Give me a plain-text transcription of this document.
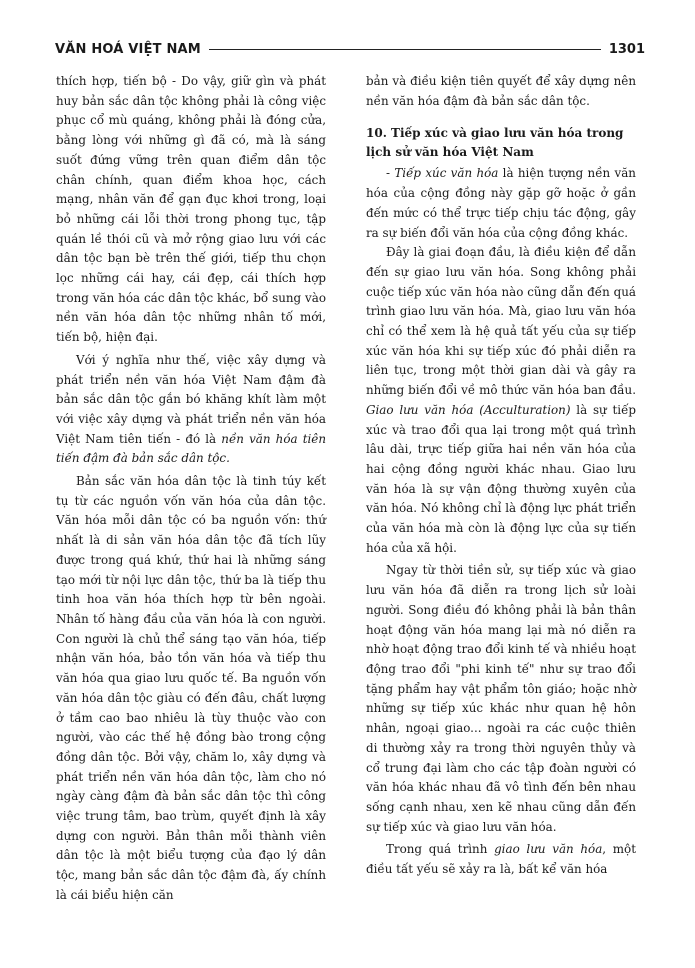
VĂN HOÁ VIỆT NAM	1301

thích hợp, tiến bộ - Do vậy, giữ gìn và phát huy bản sắc dân tộc không phải là công việc phục cổ mù quáng, không phải là đóng cửa, bằng lòng với những gì đã có, mà là sáng suốt đứng vững trên quan điểm dân tộc chân chính, quan điểm khoa học, cách mạng, nhân văn để gạn đục khơi trong, loại bỏ những cái lỗi thời trong phong tục, tập quán lề thói cũ và mở rộng giao lưu với các dân tộc bạn bè trên thế giới, tiếp thu chọn lọc những cái hay, cái đẹp, cái thích hợp trong văn hóa các dân tộc khác, bổ sung vào nền văn hóa dân tộc những nhân tố mới, tiến bộ, hiện đại.

Với ý nghĩa như thế, việc xây dựng và phát triển nền văn hóa Việt Nam đậm đà bản sắc dân tộc gắn bó khăng khít làm một với việc xây dựng và phát triển nền văn hóa Việt Nam tiên tiến - đó là nền văn hóa tiên tiến đậm đà bản sắc dân tộc.

Bản sắc văn hóa dân tộc là tinh túy kết tụ từ các nguồn vốn văn hóa của dân tộc. Văn hóa mỗi dân tộc có ba nguồn vốn: thứ nhất là di sản văn hóa dân tộc đã tích lũy được trong quá khứ, thứ hai là những sáng tạo mới từ nội lực dân tộc, thứ ba là tiếp thu tinh hoa văn hóa thích hợp từ bên ngoài. Nhân tố hàng đầu của văn hóa là con người. Con người là chủ thể sáng tạo văn hóa, tiếp nhận văn hóa, bảo tồn văn hóa và tiếp thu văn hóa qua giao lưu quốc tế. Ba nguồn vốn văn hóa dân tộc giàu có đến đâu, chất lượng ở tầm cao bao nhiêu là tùy thuộc vào con người, vào các thế hệ đồng bào trong cộng đồng dân tộc. Bởi vậy, chăm lo, xây dựng và phát triển nền văn hóa dân tộc, làm cho nó ngày càng đậm đà bản sắc dân tộc thì công việc trung tâm, bao trùm, quyết định là xây dựng con người. Bản thân mỗi thành viên dân tộc là một biểu tượng của đạo lý dân tộc, mang bản sắc dân tộc đậm đà, ấy chính là cái biểu hiện căn

bản và điều kiện tiên quyết để xây dựng nên nền văn hóa đậm đà bản sắc dân tộc.

10. Tiếp xúc và giao lưu văn hóa trong lịch sử văn hóa Việt Nam

- Tiếp xúc văn hóa là hiện tượng nền văn hóa của cộng đồng này gặp gỡ hoặc ở gần đến mức có thể trực tiếp chịu tác động, gây ra sự biến đổi văn hóa của cộng đồng khác.

Đây là giai đoạn đầu, là điều kiện để dẫn đến sự giao lưu văn hóa. Song không phải cuộc tiếp xúc văn hóa nào cũng dẫn đến quá trình giao lưu văn hóa. Mà, giao lưu văn hóa chỉ có thể xem là hệ quả tất yếu của sự tiếp xúc văn hóa khi sự tiếp xúc đó phải diễn ra liên tục, trong một thời gian dài và gây ra những biến đổi về mô thức văn hóa ban đầu. Giao lưu văn hóa (Acculturation) là sự tiếp xúc và trao đổi qua lại trong một quá trình lâu dài, trực tiếp giữa hai nền văn hóa của hai cộng đồng người khác nhau. Giao lưu văn hóa là sự vận động thường xuyên của văn hóa. Nó không chỉ là động lực phát triển của văn hóa mà còn là động lực của sự tiến hóa của xã hội.

Ngay từ thời tiền sử, sự tiếp xúc và giao lưu văn hóa đã diễn ra trong lịch sử loài người. Song điều đó không phải là bản thân hoạt động văn hóa mang lại mà nó diễn ra nhờ hoạt động trao đổi kinh tế và nhiều hoạt động trao đổi "phi kinh tế" như sự trao đổi tặng phẩm hay vật phẩm tôn giáo; hoặc nhờ những sự tiếp xúc khác như quan hệ hôn nhân, ngoại giao... ngoài ra các cuộc thiên di thường xảy ra trong thời nguyên thủy và cổ trung đại làm cho các tập đoàn người có văn hóa khác nhau đã vô tình đến bên nhau sống cạnh nhau, xen kẽ nhau cũng dẫn đến sự tiếp xúc và giao lưu văn hóa.

Trong quá trình giao lưu văn hóa, một điều tất yếu sẽ xảy ra là, bất kể văn hóa
